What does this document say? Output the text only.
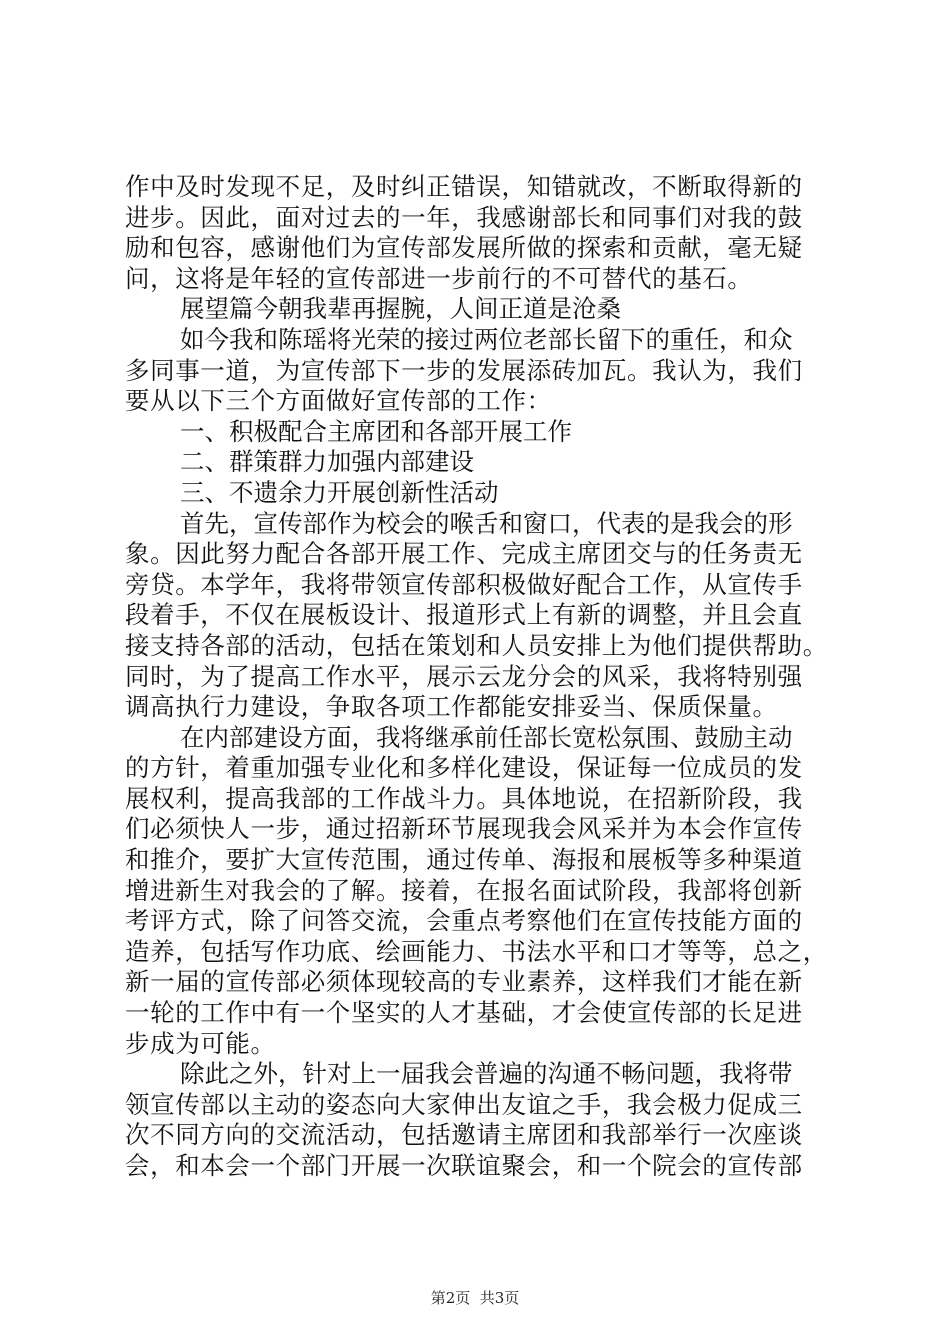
作中及时发现不足，及时纠正错误，知错就改，不断取得新的
进步。因此，面对过去的一年，我感谢部长和同事们对我的鼓
励和包容，感谢他们为宣传部发展所做的探索和贡献，毫无疑
问，这将是年轻的宣传部进一步前行的不可替代的基石。
展望篇今朝我辈再握腕，人间正道是沧桑
如今我和陈瑶将光荣的接过两位老部长留下的重任，和众
多同事一道，为宣传部下一步的发展添砖加瓦。我认为，我们
要从以下三个方面做好宣传部的工作：
一、积极配合主席团和各部开展工作
二、群策群力加强内部建设
三、不遗余力开展创新性活动
首先，宣传部作为校会的喉舌和窗口，代表的是我会的形
象。因此努力配合各部开展工作、完成主席团交与的任务责无
旁贷。本学年，我将带领宣传部积极做好配合工作，从宣传手
段着手，不仅在展板设计、报道形式上有新的调整，并且会直
接支持各部的活动，包括在策划和人员安排上为他们提供帮助。
同时，为了提高工作水平，展示云龙分会的风采，我将特别强
调高执行力建设，争取各项工作都能安排妥当、保质保量。
在内部建设方面，我将继承前任部长宽松氛围、鼓励主动
的方针，着重加强专业化和多样化建设，保证每一位成员的发
展权利，提高我部的工作战斗力。具体地说，在招新阶段，我
们必须快人一步，通过招新环节展现我会风采并为本会作宣传
和推介，要扩大宣传范围，通过传单、海报和展板等多种渠道
增进新生对我会的了解。接着，在报名面试阶段，我部将创新
考评方式，除了问答交流，会重点考察他们在宣传技能方面的
造养，包括写作功底、绘画能力、书法水平和口才等等，总之，
新一届的宣传部必须体现较高的专业素养，这样我们才能在新
一轮的工作中有一个坚实的人才基础，才会使宣传部的长足进
步成为可能。
除此之外，针对上一届我会普遍的沟通不畅问题，我将带
领宣传部以主动的姿态向大家伸出友谊之手，我会极力促成三
次不同方向的交流活动，包括邀请主席团和我部举行一次座谈
会，和本会一个部门开展一次联谊聚会，和一个院会的宣传部
第2页  共3页
